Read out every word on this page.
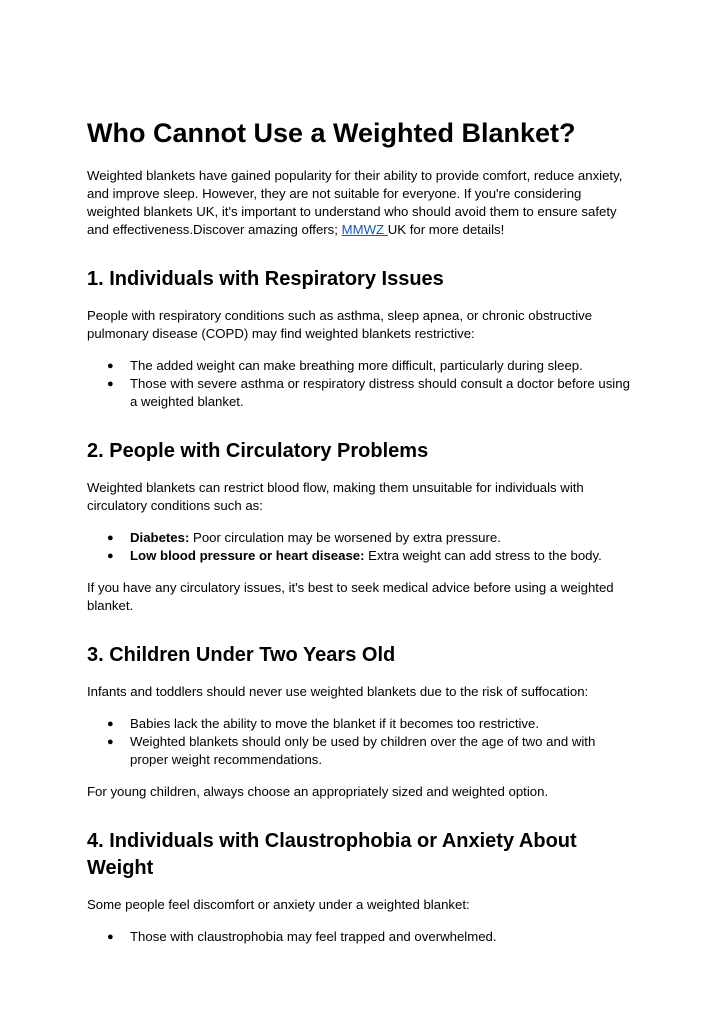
Who Cannot Use a Weighted Blanket?

Weighted blankets have gained popularity for their ability to provide comfort, reduce anxiety, and improve sleep. However, they are not suitable for everyone. If you're considering weighted blankets UK, it's important to understand who should avoid them to ensure safety and effectiveness.Discover amazing offers; MMWZ UK for more details!

1. Individuals with Respiratory Issues

People with respiratory conditions such as asthma, sleep apnea, or chronic obstructive pulmonary disease (COPD) may find weighted blankets restrictive:

● The added weight can make breathing more difficult, particularly during sleep.
● Those with severe asthma or respiratory distress should consult a doctor before using a weighted blanket.
2. People with Circulatory Problems

Weighted blankets can restrict blood flow, making them unsuitable for individuals with circulatory conditions such as:

● Diabetes: Poor circulation may be worsened by extra pressure.
● Low blood pressure or heart disease: Extra weight can add stress to the body.

If you have any circulatory issues, it's best to seek medical advice before using a weighted blanket.

3. Children Under Two Years Old

Infants and toddlers should never use weighted blankets due to the risk of suffocation:

● Babies lack the ability to move the blanket if it becomes too restrictive.
● Weighted blankets should only be used by children over the age of two and with proper weight recommendations.

For young children, always choose an appropriately sized and weighted option.

4. Individuals with Claustrophobia or Anxiety About Weight

Some people feel discomfort or anxiety under a weighted blanket:

● Those with claustrophobia may feel trapped and overwhelmed.
